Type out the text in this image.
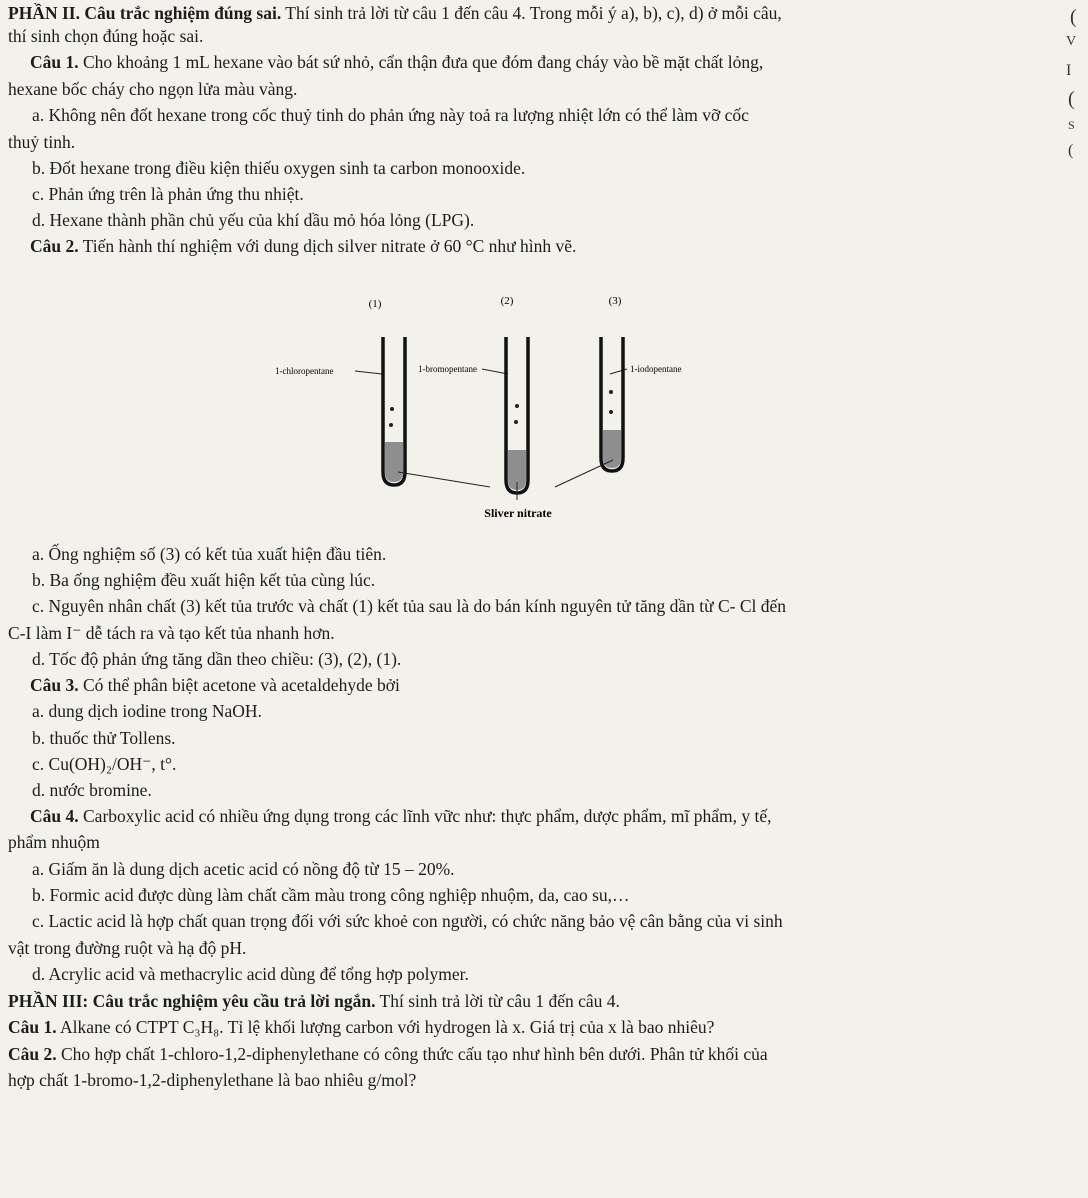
PHẦN II. Câu trắc nghiệm đúng sai. Thí sinh trả lời từ câu 1 đến câu 4. Trong mỗi ý a), b), c), d) ở mỗi câu,
thí sinh chọn đúng hoặc sai.
Câu 1. Cho khoảng 1 mL hexane vào bát sứ nhỏ, cẩn thận đưa que đóm đang cháy vào bề mặt chất lỏng,
hexane bốc cháy cho ngọn lửa màu vàng.
a. Không nên đốt hexane trong cốc thuỷ tinh do phản ứng này toả ra lượng nhiệt lớn có thể làm vỡ cốc
thuỷ tinh.
b. Đốt hexane trong điều kiện thiếu oxygen sinh ta carbon monooxide.
c. Phản ứng trên là phản ứng thu nhiệt.
d. Hexane thành phần chủ yếu của khí dầu mỏ hóa lỏng (LPG).
Câu 2. Tiến hành thí nghiệm với dung dịch silver nitrate ở 60 °C như hình vẽ.
(1)	(2)	(3)
1-chloropentane	1-bromopentane	1-iodopentane
Sliver nitrate
a. Ống nghiệm số (3) có kết tủa xuất hiện đầu tiên.
b. Ba ống nghiệm đều xuất hiện kết tủa cùng lúc.
c. Nguyên nhân chất (3) kết tủa trước và chất (1) kết tủa sau là do bán kính nguyên tử tăng dần từ C- Cl đến
C-I làm I⁻ dễ tách ra và tạo kết tủa nhanh hơn.
d. Tốc độ phản ứng tăng dần theo chiều: (3), (2), (1).
Câu 3. Có thể phân biệt acetone và acetaldehyde bởi
a. dung dịch iodine trong NaOH.
b. thuốc thử Tollens.
c. Cu(OH)₂/OH⁻, t°.
d. nước bromine.
Câu 4. Carboxylic acid có nhiều ứng dụng trong các lĩnh vữc như: thực phẩm, dược phẩm, mĩ phẩm, y tế,
phẩm nhuộm
a. Giấm ăn là dung dịch acetic acid có nồng độ từ 15 – 20%.
b. Formic acid được dùng làm chất cầm màu trong công nghiệp nhuộm, da, cao su,…
c. Lactic acid là hợp chất quan trọng đối với sức khoẻ con người, có chức năng bảo vệ cân bằng của vi sinh
vật trong đường ruột và hạ độ pH.
d. Acrylic acid và methacrylic acid dùng để tổng hợp polymer.
PHẦN III: Câu trắc nghiệm yêu cầu trả lời ngắn. Thí sinh trả lời từ câu 1 đến câu 4.
Câu 1. Alkane có CTPT C₃H₈. Tỉ lệ khối lượng carbon với hydrogen là x. Giá trị của x là bao nhiêu?
Câu 2. Cho hợp chất 1-chloro-1,2-diphenylethane có công thức cấu tạo như hình bên dưới. Phân tử khối của
hợp chất 1-bromo-1,2-diphenylethane là bao nhiêu g/mol?
(
V
I
(
S
(
